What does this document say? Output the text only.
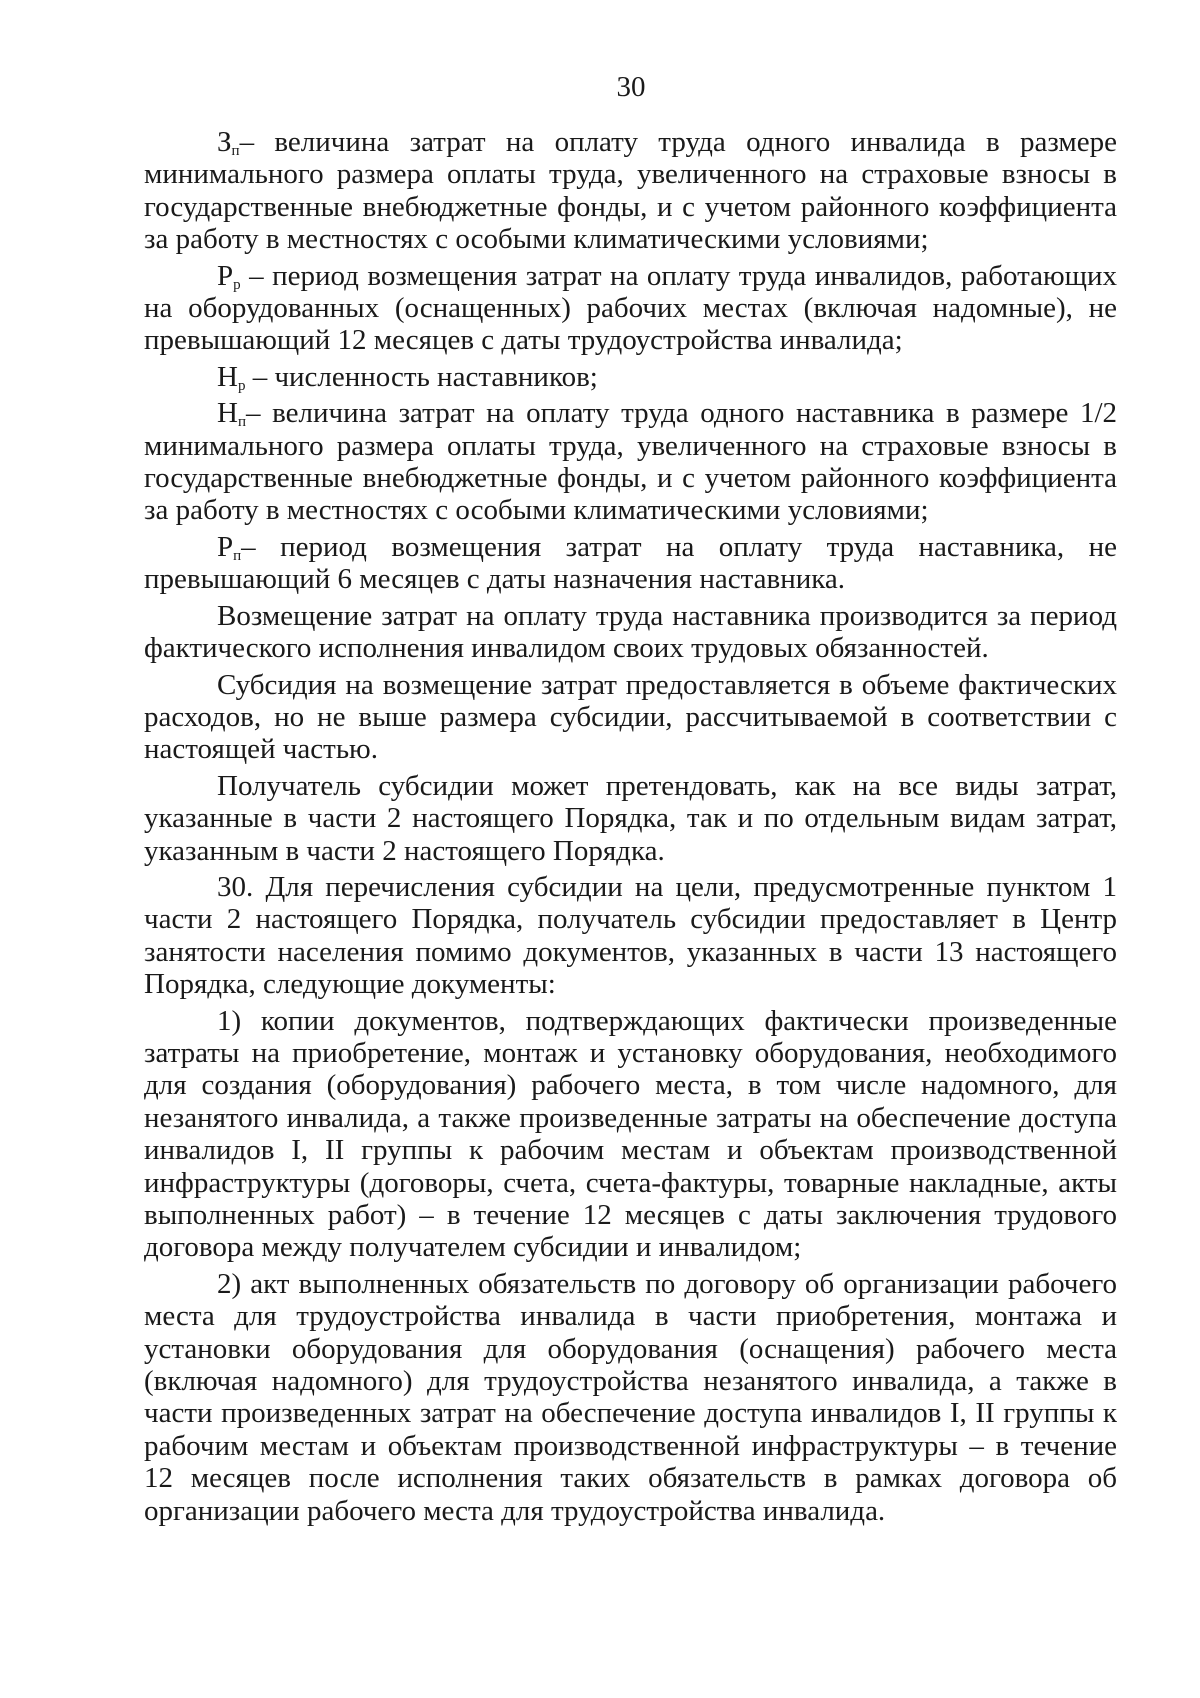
30

$З_п-$ величина затрат на оплату труда одного инвалида в размере минимального размера оплаты труда, увеличенного на страховые взносы в государственные внебюджетные фонды, и с учетом районного коэффициента за работу в местностях с особыми климатическими условиями;

$Р_р$ – период возмещения затрат на оплату труда инвалидов, работающих на оборудованных (оснащенных) рабочих местах (включая надомные), не превышающий 12 месяцев с даты трудоустройства инвалида;

$Н_р$ – численность наставников;

$Н_п-$ величина затрат на оплату труда одного наставника в размере 1/2 минимального размера оплаты труда, увеличенного на страховые взносы в государственные внебюджетные фонды, и с учетом районного коэффициента за работу в местностях с особыми климатическими условиями;

$Р_п-$ период возмещения затрат на оплату труда наставника, не превышающий 6 месяцев с даты назначения наставника.

Возмещение затрат на оплату труда наставника производится за период фактического исполнения инвалидом своих трудовых обязанностей.

Субсидия на возмещение затрат предоставляется в объеме фактических расходов, но не выше размера субсидии, рассчитываемой в соответствии с настоящей частью.

Получатель субсидии может претендовать, как на все виды затрат, указанные в части 2 настоящего Порядка, так и по отдельным видам затрат, указанным в части 2 настоящего Порядка.

30. Для перечисления субсидии на цели, предусмотренные пунктом 1 части 2 настоящего Порядка, получатель субсидии предоставляет в Центр занятости населения помимо документов, указанных в части 13 настоящего Порядка, следующие документы:

1) копии документов, подтверждающих фактически произведенные затраты на приобретение, монтаж и установку оборудования, необходимого для создания (оборудования) рабочего места, в том числе надомного, для незанятого инвалида, а также произведенные затраты на обеспечение доступа инвалидов I, II группы к рабочим местам и объектам производственной инфраструктуры (договоры, счета, счета-фактуры, товарные накладные, акты выполненных работ) – в течение 12 месяцев с даты заключения трудового договора между получателем субсидии и инвалидом;

2) акт выполненных обязательств по договору об организации рабочего места для трудоустройства инвалида в части приобретения, монтажа и установки оборудования для оборудования (оснащения) рабочего места (включая надомного) для трудоустройства незанятого инвалида, а также в части произведенных затрат на обеспечение доступа инвалидов I, II группы к рабочим местам и объектам производственной инфраструктуры – в течение 12 месяцев после исполнения таких обязательств в рамках договора об организации рабочего места для трудоустройства инвалида.
